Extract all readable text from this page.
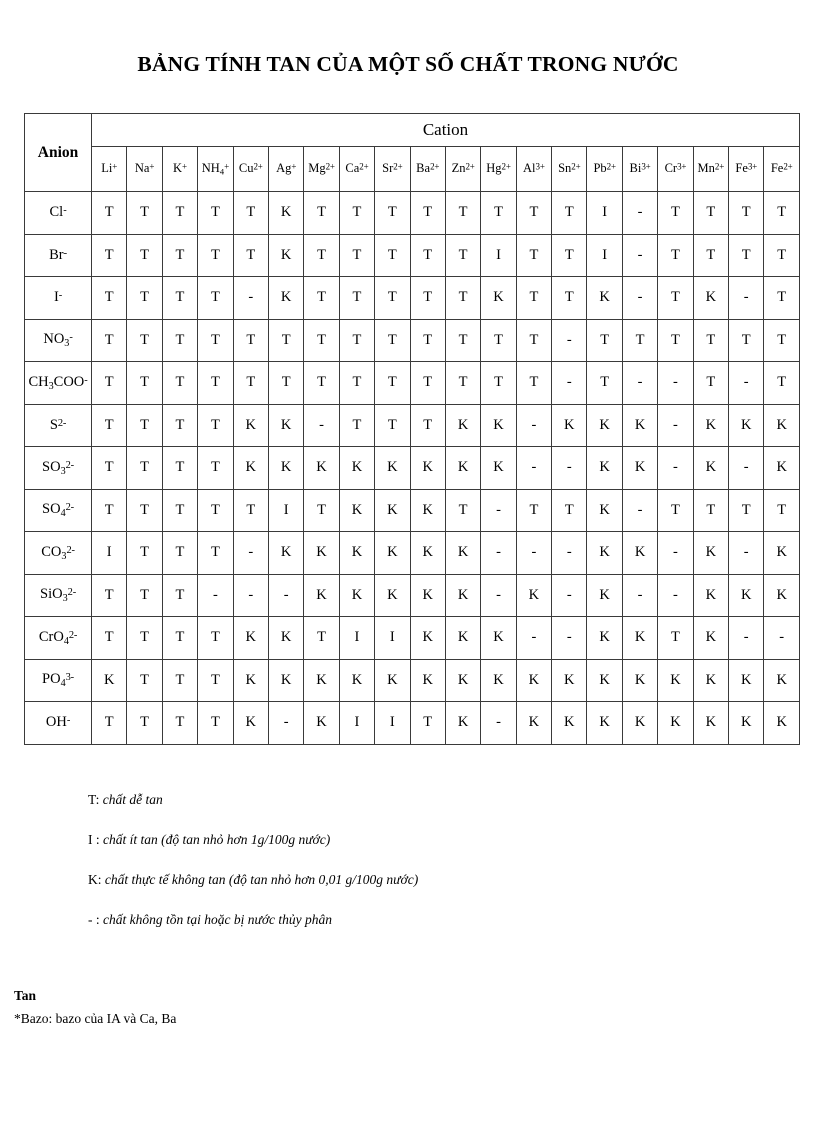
BẢNG TÍNH TAN CỦA MỘT SỐ CHẤT TRONG NƯỚC
Anion	Cation																			
	Li+	Na+	K+	$NH_4^+$	$Cu^{2+}$	Ag+	$Mg^{2+}$	$Ca^{2+}$	$Sr^{2+}$	$Ba^{2+}$	$Zn^{2+}$	$Hg^{2+}$	$Al^{3+}$	$Sn^{2+}$	$Pb^{2+}$	$Bi^{3+}$	$Cr^{3+}$	$Mn^{2+}$	$Fe^{3+}$	$Fe^{2+}$
Cl-	T	T	T	T	T	K	T	T	T	T	T	T	T	T	I	-	T	T	T	T
Br-	T	T	T	T	T	K	T	T	T	T	T	I	T	T	I	-	T	T	T	T
I-	T	T	T	T	-	K	T	T	T	T	T	K	T	T	K	-	T	K	-	T
$NO_3^-$	T	T	T	T	T	T	T	T	T	T	T	T	T	-	T	T	T	T	T	T
$CH_3COO^-$	T	T	T	T	T	T	T	T	T	T	T	T	T	-	T	-	-	T	-	T
$S^{2-}$	T	T	T	T	K	K	-	T	T	T	K	K	-	K	K	K	-	K	K	K
$SO_3^{2-}$	T	T	T	T	K	K	K	K	K	K	K	K	-	-	K	K	-	K	-	K
$SO_4^{2-}$	T	T	T	T	T	I	T	K	K	K	T	-	T	T	K	-	T	T	T	T
$CO_3^{2-}$	I	T	T	T	-	K	K	K	K	K	K	-	-	-	K	K	-	K	-	K
SiO$_3^{2-}$	T	T	T	-	-	-	K	K	K	K	K	-	K	-	K	-	-	K	K	K
CrO$_4^{2-}$	T	T	T	T	K	K	T	I	I	K	K	K	-	-	K	K	T	K	-	-
$PO_4^{3-}$	K	T	T	T	K	K	K	K	K	K	K	K	K	K	K	K	K	K	K	K
OH-	T	T	T	T	K	-	K	I	I	T	K	-	K	K	K	K	K	K	K	K
T: chất dễ tan
I : chất ít tan (độ tan nhỏ hơn 1g/100g nước)
K: chất thực tế không tan (độ tan nhỏ hơn 0,01 g/100g nước)
- : chất không tồn tại hoặc bị nước thủy phân
Tan
*Bazo: bazo của IA và Ca, Ba
